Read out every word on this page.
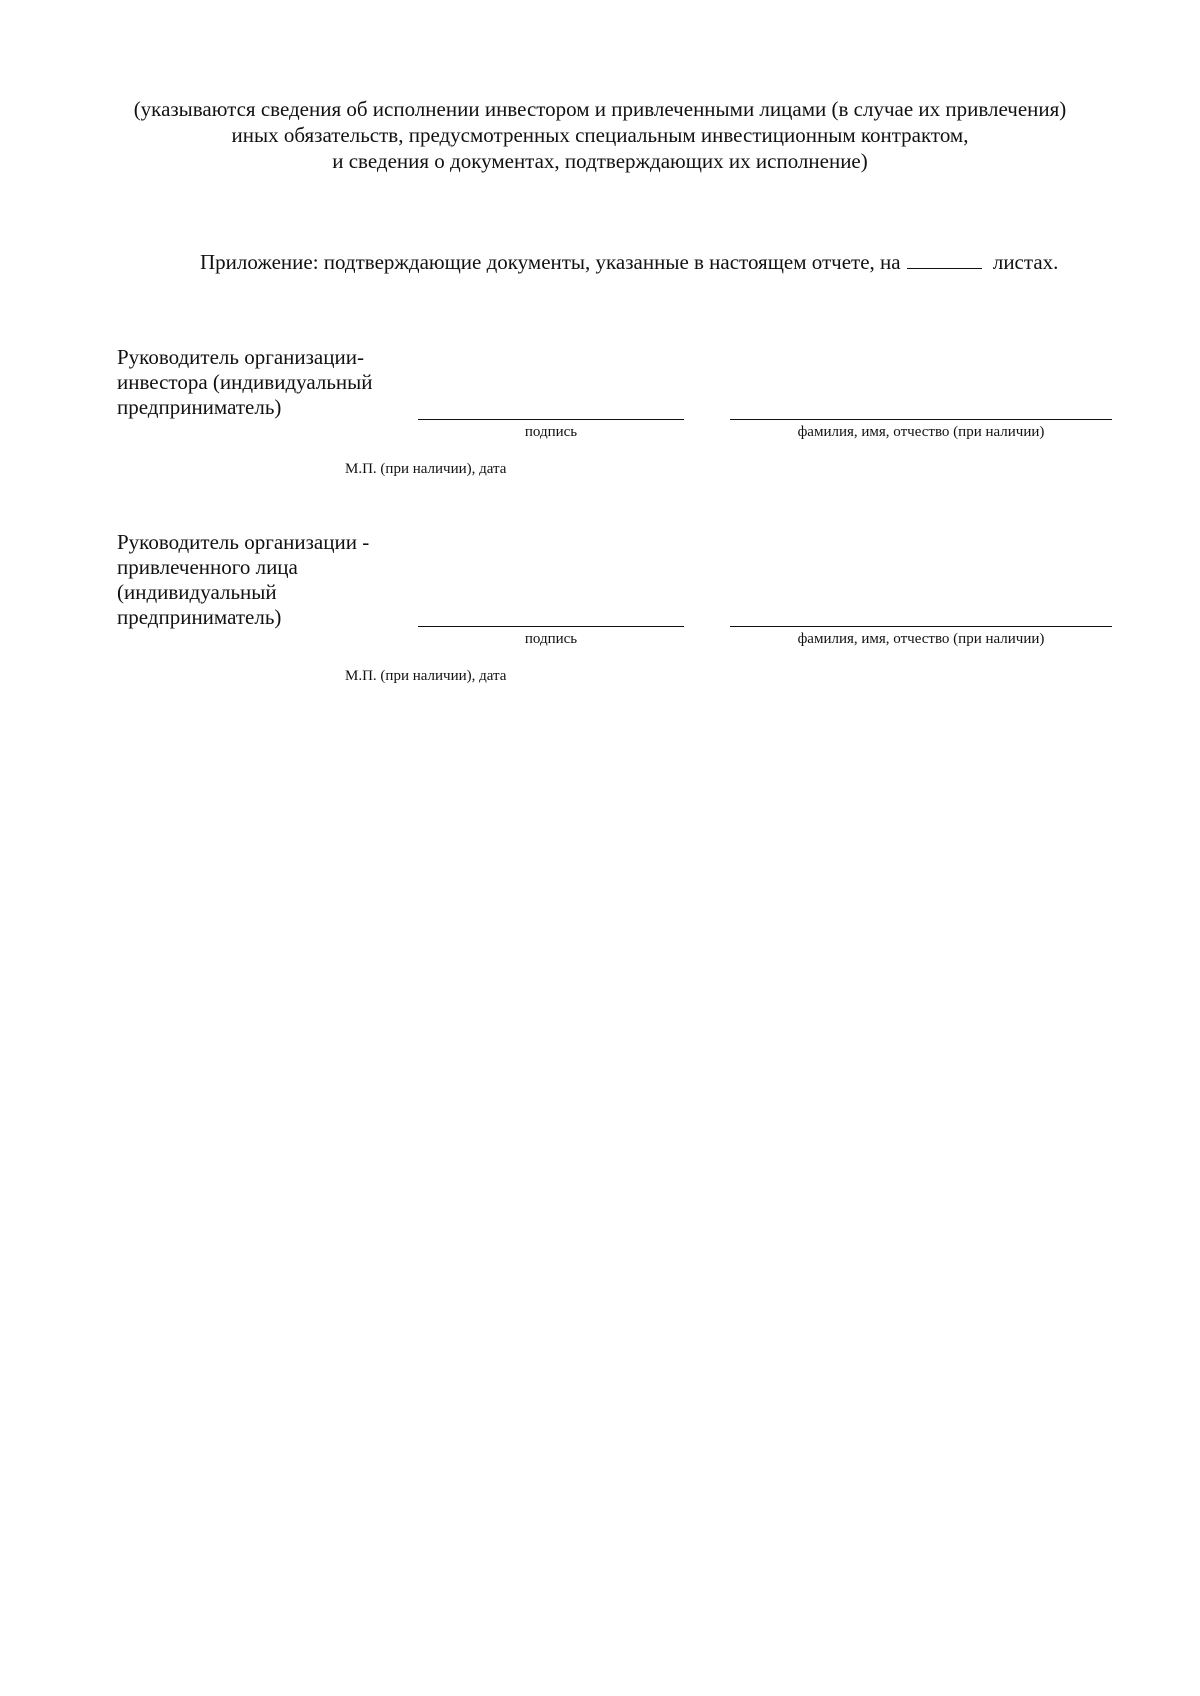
(указываются сведения об исполнении инвестором и привлеченными лицами (в случае их привлечения)
иных обязательств, предусмотренных специальным инвестиционным контрактом,
и сведения о документах, подтверждающих их исполнение)
Приложение: подтверждающие документы, указанные в настоящем отчете, на	листах.
Руководитель организации-
инвестора (индивидуальный
предприниматель)
подпись	фамилия, имя, отчество (при наличии)
М.П. (при наличии), дата
Руководитель организации -
привлеченного лица
(индивидуальный
предприниматель)
подпись	фамилия, имя, отчество (при наличии)
М.П. (при наличии), дата
